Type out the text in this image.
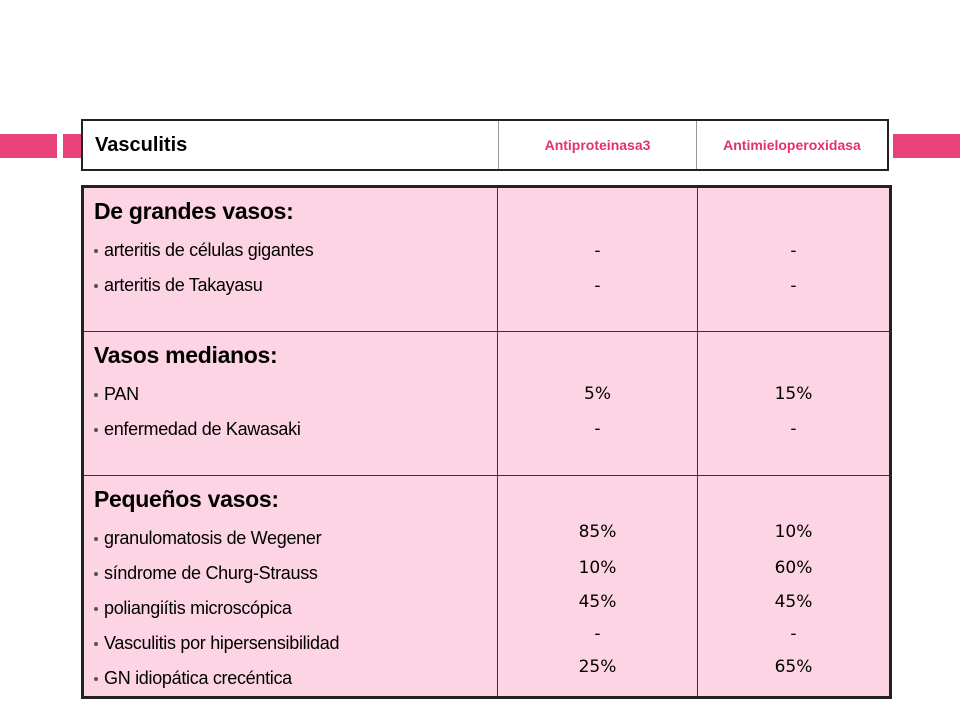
Vasculitis	Antiproteinasa3	Antimieloperoxidasa
De grandes vasos:
arteritis de células gigantes
arteritis de Takayasu
-
-
-
-
Vasos medianos:
PAN
enfermedad de Kawasaki
5%
-
15%
-
Pequeños vasos:
granulomatosis de Wegener
síndrome de Churg-Strauss
poliangiítis microscópica
Vasculitis por hipersensibilidad
GN idiopática crecéntica
85%
10%
45%
-
25%
10%
60%
45%
-
65%
